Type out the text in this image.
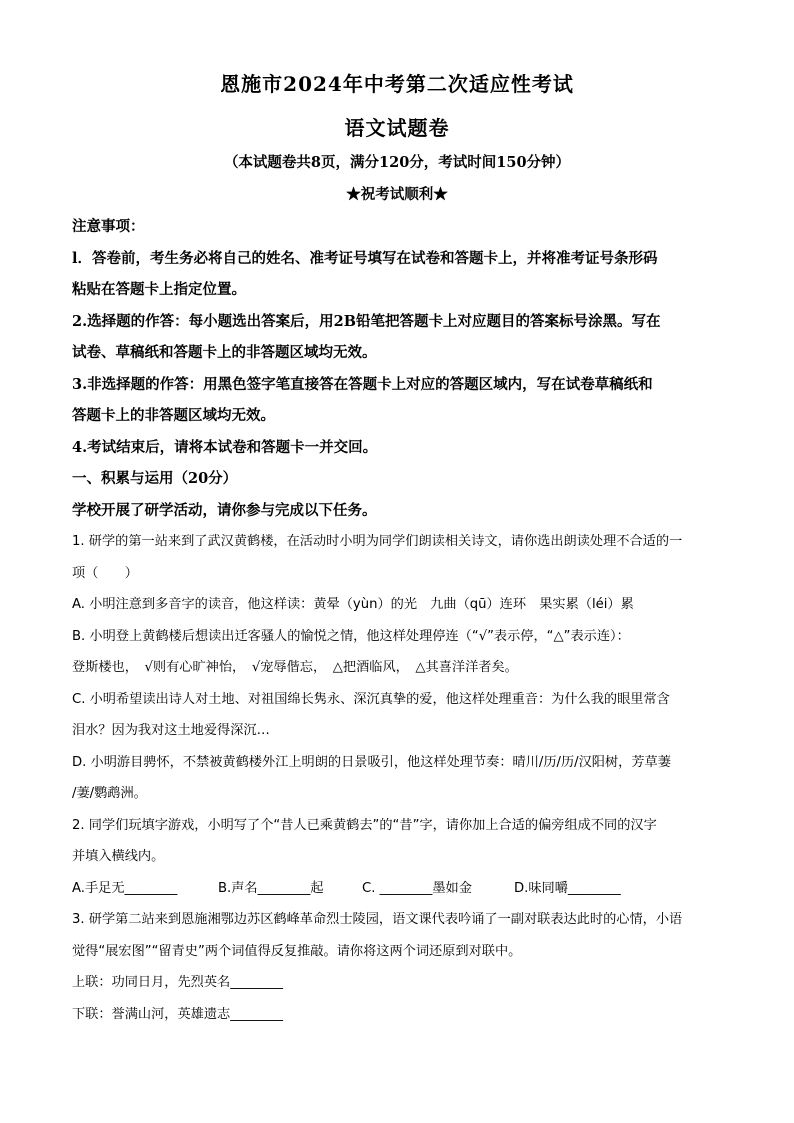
恩施市2024年中考第二次适应性考试
语文试题卷
（本试题卷共8页，满分120分，考试时间150分钟）
★祝考试顺利★

注意事项：

l．答卷前，考生务必将自己的姓名、准考证号填写在试卷和答题卡上，并将准考证号条形码

粘贴在答题卡上指定位置。

2.选择题的作答：每小题选出答案后，用2B铅笔把答题卡上对应题目的答案标号涂黑。写在

试卷、草稿纸和答题卡上的非答题区域均无效。

3.非选择题的作答：用黑色签字笔直接答在答题卡上对应的答题区域内，写在试卷草稿纸和

答题卡上的非答题区域均无效。

4.考试结束后，请将本试卷和答题卡一并交回。

一、积累与运用（20分）

学校开展了研学活动，请你参与完成以下任务。

1. 研学的第一站来到了武汉黄鹤楼，在活动时小明为同学们朗读相关诗文，请你选出朗读处理不合适的一

项（　　）

A. 小明注意到多音字的读音，他这样读：黄晕（yùn）的光　九曲（qū）连环　果实累（léi）累

B. 小明登上黄鹤楼后想读出迁客骚人的愉悦之情，他这样处理停连（“√”表示停，“△”表示连）：

登斯楼也，　√则有心旷神怡，　√宠辱偕忘，　△把酒临风，　△其喜洋洋者矣。

C. 小明希望读出诗人对土地、对祖国绵长隽永、深沉真挚的爱，他这样处理重音：为什么我的眼里常含

泪水？因为我对这土地爱得深沉…

D. 小明游目骋怀，不禁被黄鹤楼外江上明朗的日景吸引，他这样处理节奏：晴川/历/历/汉阳树，芳草萋

/萋/鹦鹉洲。

2. 同学们玩填字游戏，小明写了个“昔人已乘黄鹤去”的“昔”字，请你加上合适的偏旁组成不同的汉字

并填入横线内。

A.手足无________	B.声名________起	C. ________墨如金	D.味同嚼________

3. 研学第二站来到恩施湘鄂边苏区鹤峰革命烈士陵园，语文课代表吟诵了一副对联表达此时的心情，小语

觉得“展宏图”“留青史”两个词值得反复推敲。请你将这两个词还原到对联中。

上联：功同日月，先烈英名________

下联：誉满山河，英雄遗志________
